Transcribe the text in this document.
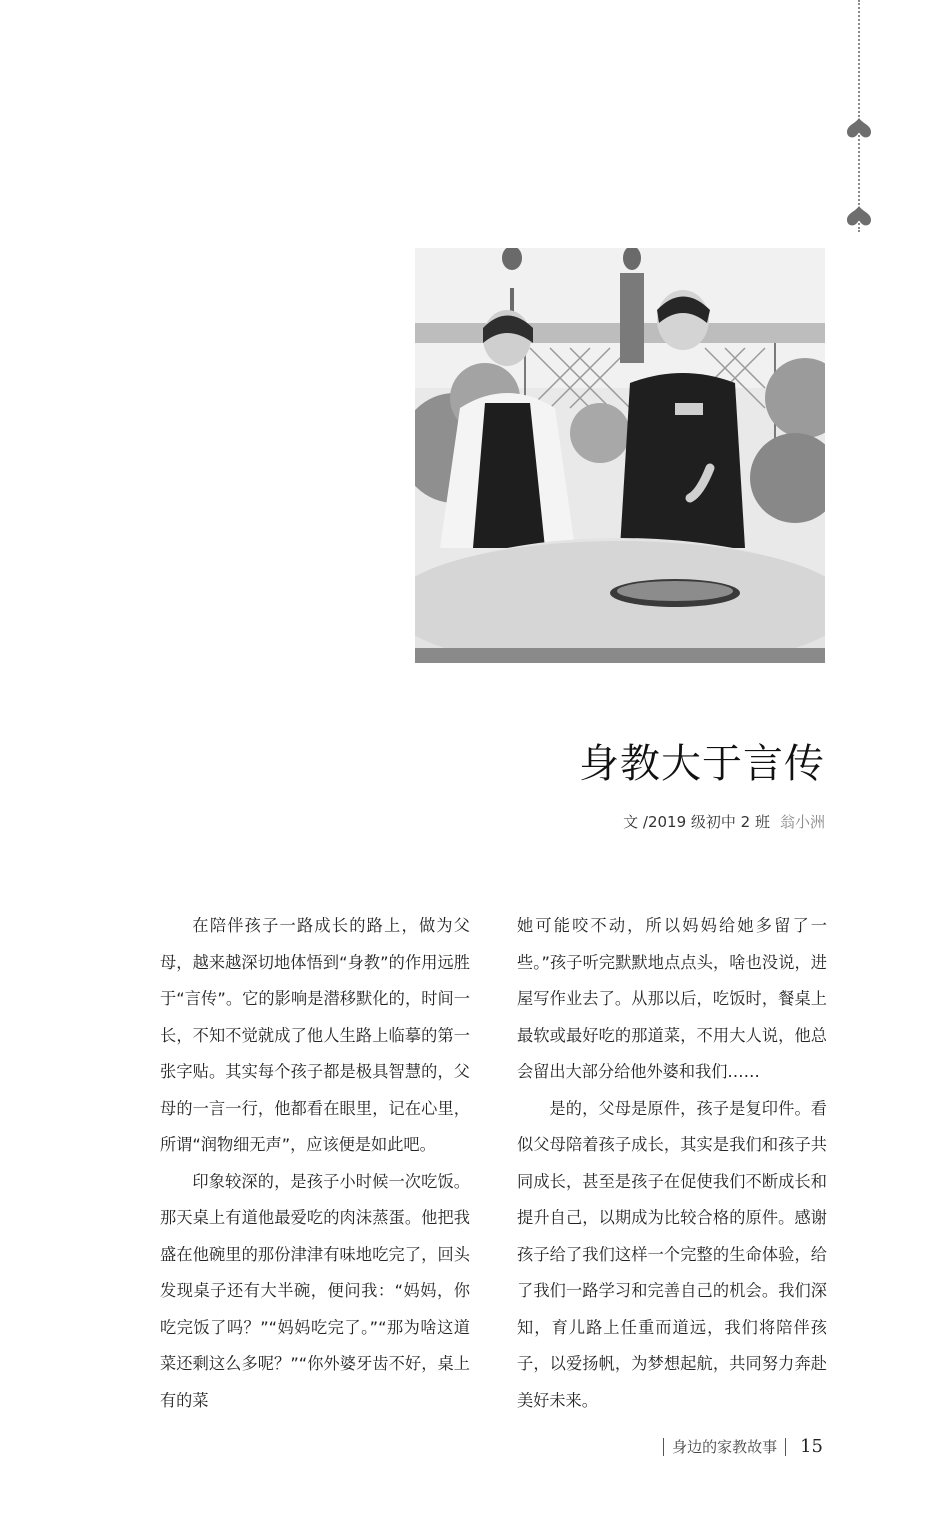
身教大于言传
文 /2019 级初中 2 班 翁小洲

在陪伴孩子一路成长的路上，做为父母，越来越深切地体悟到“身教”的作用远胜于“言传”。它的影响是潜移默化的，时间一长，不知不觉就成了他人生路上临摹的第一张字贴。其实每个孩子都是极具智慧的，父母的一言一行，他都看在眼里，记在心里，所谓“润物细无声”，应该便是如此吧。

印象较深的，是孩子小时候一次吃饭。那天桌上有道他最爱吃的肉沫蒸蛋。他把我盛在他碗里的那份津津有味地吃完了，回头发现桌子还有大半碗，便问我：“妈妈，你吃完饭了吗？”“妈妈吃完了。”“那为啥这道菜还剩这么多呢？”“你外婆牙齿不好，桌上有的菜

她可能咬不动，所以妈妈给她多留了一些。”孩子听完默默地点点头，啥也没说，进屋写作业去了。从那以后，吃饭时，餐桌上最软或最好吃的那道菜，不用大人说，他总会留出大部分给他外婆和我们……

是的，父母是原件，孩子是复印件。看似父母陪着孩子成长，其实是我们和孩子共同成长，甚至是孩子在促使我们不断成长和提升自己，以期成为比较合格的原件。感谢孩子给了我们这样一个完整的生命体验，给了我们一路学习和完善自己的机会。我们深知，育儿路上任重而道远，我们将陪伴孩子，以爱扬帆，为梦想起航，共同努力奔赴美好未来。

身边的家教故事 15
